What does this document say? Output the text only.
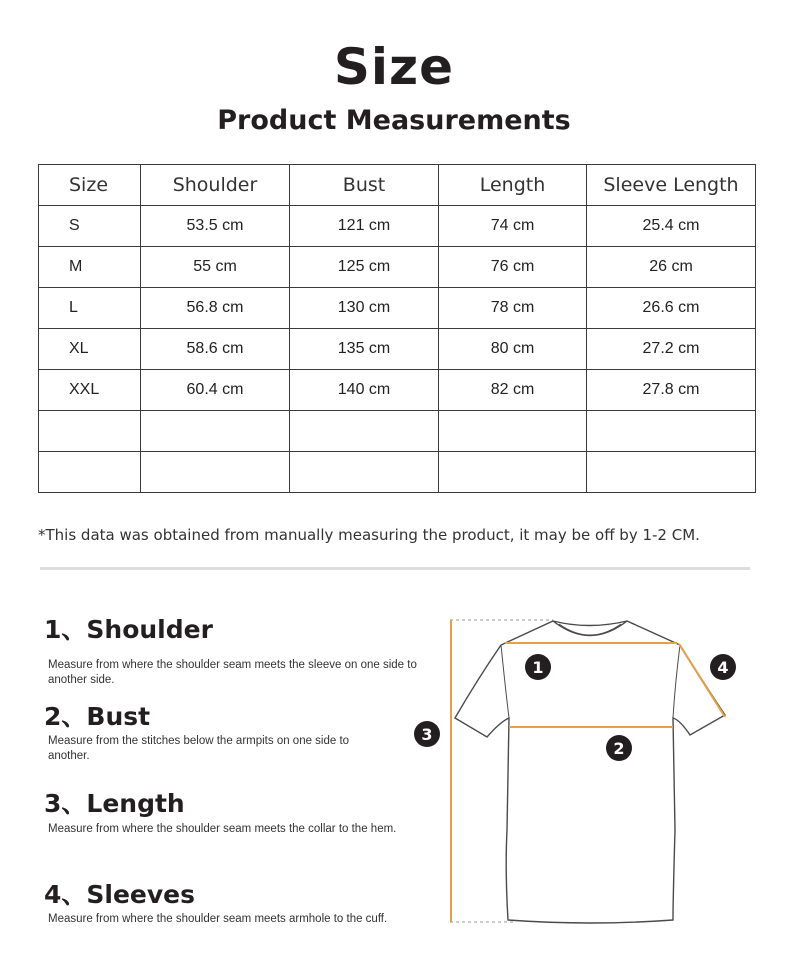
Size
Product Measurements
Size	Shoulder	Bust	Length	Sleeve Length
S	53.5 cm	121 cm	74 cm	25.4 cm
M	55 cm	125 cm	76 cm	26 cm
L	56.8 cm	130 cm	78 cm	26.6 cm
XL	58.6 cm	135 cm	80 cm	27.2 cm
XXL	60.4 cm	140 cm	82 cm	27.8 cm

*This data was obtained from manually measuring the product, it may be off by 1-2 CM.
1、Shoulder
Measure from where the shoulder seam meets the sleeve on one side to another side.
2、Bust
Measure from the stitches below the armpits on one side to another.
3、Length
Measure from where the shoulder seam meets the collar to the hem.
4、Sleeves
Measure from where the shoulder seam meets armhole to the cuff.
1
2
3
4
